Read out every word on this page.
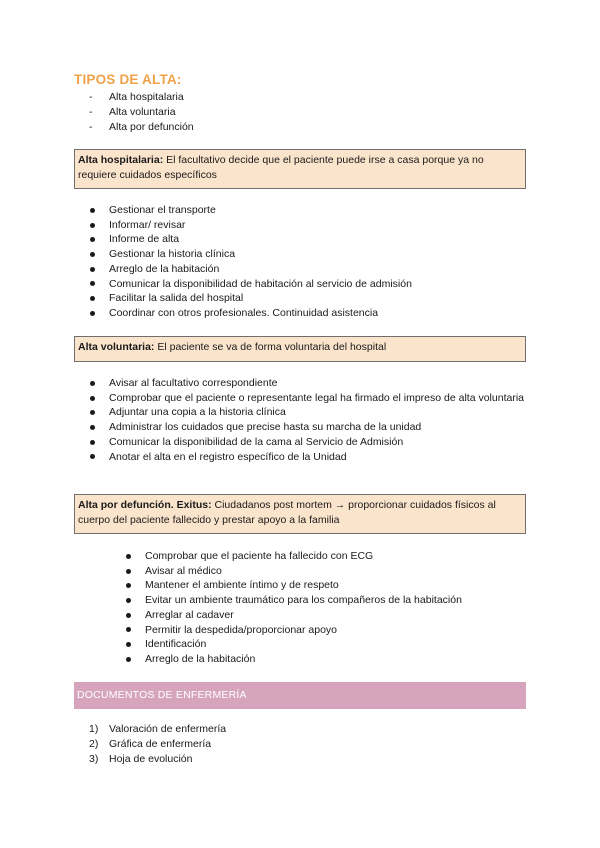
TIPOS DE ALTA:
- Alta hospitalaria
- Alta voluntaria
- Alta por defunción
Alta hospitalaria: El facultativo decide que el paciente puede irse a casa porque ya no requiere cuidados específicos
Gestionar el transporte
Informar/ revisar
Informe de alta
Gestionar la historia clínica
Arreglo de la habitación
Comunicar la disponibilidad de habitación al servicio de admisión
Facilitar la salida del hospital
Coordinar con otros profesionales. Continuidad asistencia
Alta voluntaria: El paciente se va de forma voluntaria del hospital
Avisar al facultativo correspondiente
Comprobar que el paciente o representante legal ha firmado el impreso de alta voluntaria
Adjuntar una copia a la historia clínica
Administrar los cuidados que precise hasta su marcha de la unidad
Comunicar la disponibilidad de la cama al Servicio de Admisión
Anotar el alta en el registro específico de la Unidad
Alta por defunción. Exitus: Ciudadanos post mortem → proporcionar cuidados físicos al cuerpo del paciente fallecido y prestar apoyo a la familia
Comprobar que el paciente ha fallecido con ECG
Avisar al médico
Mantener el ambiente íntimo y de respeto
Evitar un ambiente traumático para los compañeros de la habitación
Arreglar al cadaver
Permitir la despedida/proporcionar apoyo
Identificación
Arreglo de la habitación
DOCUMENTOS DE ENFERMERÍA
1) Valoración de enfermería
2) Gráfica de enfermería
3) Hoja de evolución
